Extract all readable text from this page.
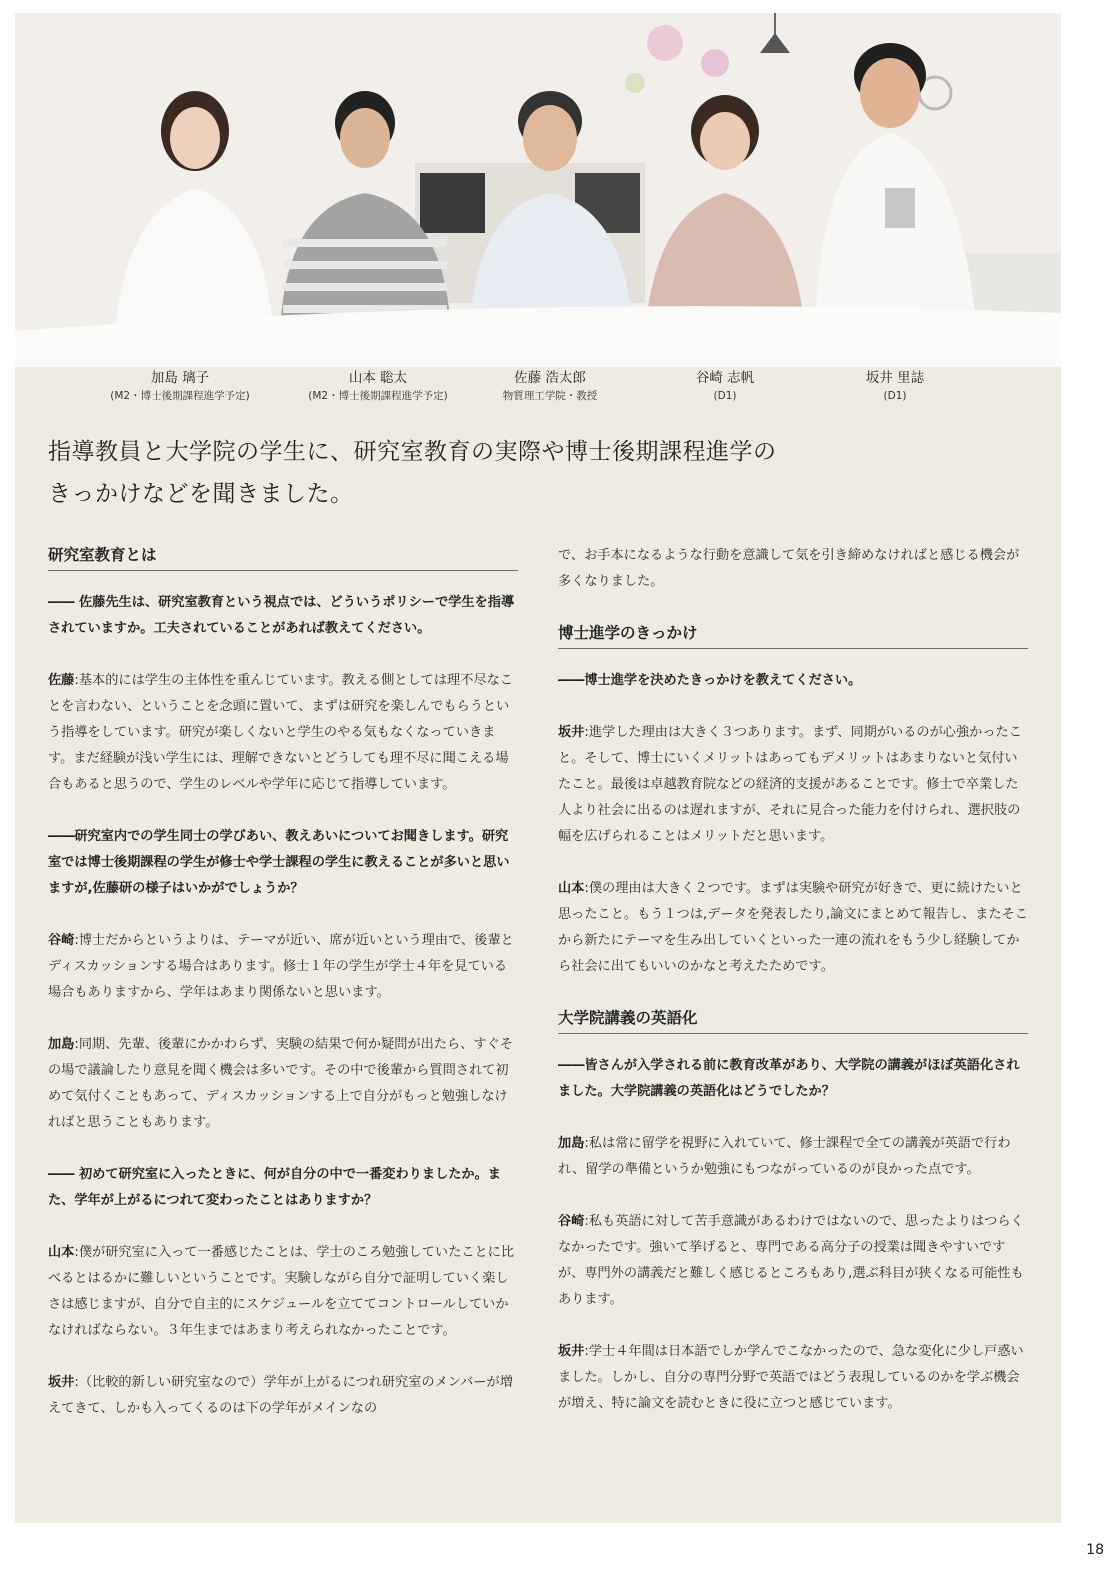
加島 璃子
(M2・博士後期課程進学予定)
山本 聡太
(M2・博士後期課程進学予定)
佐藤 浩太郎
物質理工学院・教授
谷崎 志帆
(D1)
坂井 里誌
(D1)
指導教員と大学院の学生に、研究室教育の実際や博士後期課程進学の
きっかけなどを聞きました。
研究室教育とは

―― 佐藤先生は、研究室教育という視点では、どういうポリシーで学生を指導されていますか。工夫されていることがあれば教えてください。

佐藤:基本的には学生の主体性を重んじています。教える側としては理不尽なことを言わない、ということを念頭に置いて、まずは研究を楽しんでもらうという指導をしています。研究が楽しくないと学生のやる気もなくなっていきます。まだ経験が浅い学生には、理解できないとどうしても理不尽に聞こえる場合もあると思うので、学生のレベルや学年に応じて指導しています。

――研究室内での学生同士の学びあい、教えあいについてお聞きします。研究室では博士後期課程の学生が修士や学士課程の学生に教えることが多いと思いますが,佐藤研の様子はいかがでしょうか？

谷崎:博士だからというよりは、テーマが近い、席が近いという理由で、後輩とディスカッションする場合はあります。修士１年の学生が学士４年を見ている場合もありますから、学年はあまり関係ないと思います。

加島:同期、先輩、後輩にかかわらず、実験の結果で何か疑問が出たら、すぐその場で議論したり意見を聞く機会は多いです。その中で後輩から質問されて初めて気付くこともあって、ディスカッションする上で自分がもっと勉強しなければと思うこともあります。

―― 初めて研究室に入ったときに、何が自分の中で一番変わりましたか。また、学年が上がるにつれて変わったことはありますか？

山本:僕が研究室に入って一番感じたことは、学士のころ勉強していたことに比べるとはるかに難しいということです。実験しながら自分で証明していく楽しさは感じますが、自分で自主的にスケジュールを立ててコントロールしていかなければならない。３年生まではあまり考えられなかったことです。

坂井:（比較的新しい研究室なので）学年が上がるにつれ研究室のメンバーが増えてきて、しかも入ってくるのは下の学年がメインなの

で、お手本になるような行動を意識して気を引き締めなければと感じる機会が多くなりました。

博士進学のきっかけ

――博士進学を決めたきっかけを教えてください。

坂井:進学した理由は大きく３つあります。まず、同期がいるのが心強かったこと。そして、博士にいくメリットはあってもデメリットはあまりないと気付いたこと。最後は卓越教育院などの経済的支援があることです。修士で卒業した人より社会に出るのは遅れますが、それに見合った能力を付けられ、選択肢の幅を広げられることはメリットだと思います。

山本:僕の理由は大きく２つです。まずは実験や研究が好きで、更に続けたいと思ったこと。もう１つは,データを発表したり,論文にまとめて報告し、またそこから新たにテーマを生み出していくといった一連の流れをもう少し経験してから社会に出てもいいのかなと考えたためです。

大学院講義の英語化

――皆さんが入学される前に教育改革があり、大学院の講義がほぼ英語化されました。大学院講義の英語化はどうでしたか？

加島:私は常に留学を視野に入れていて、修士課程で全ての講義が英語で行われ、留学の準備というか勉強にもつながっているのが良かった点です。

谷崎:私も英語に対して苦手意識があるわけではないので、思ったよりはつらくなかったです。強いて挙げると、専門である高分子の授業は聞きやすいですが、専門外の講義だと難しく感じるところもあり,選ぶ科目が狭くなる可能性もあります。

坂井:学士４年間は日本語でしか学んでこなかったので、急な変化に少し戸惑いました。しかし、自分の専門分野で英語ではどう表現しているのかを学ぶ機会が増え、特に論文を読むときに役に立つと感じています。

18
